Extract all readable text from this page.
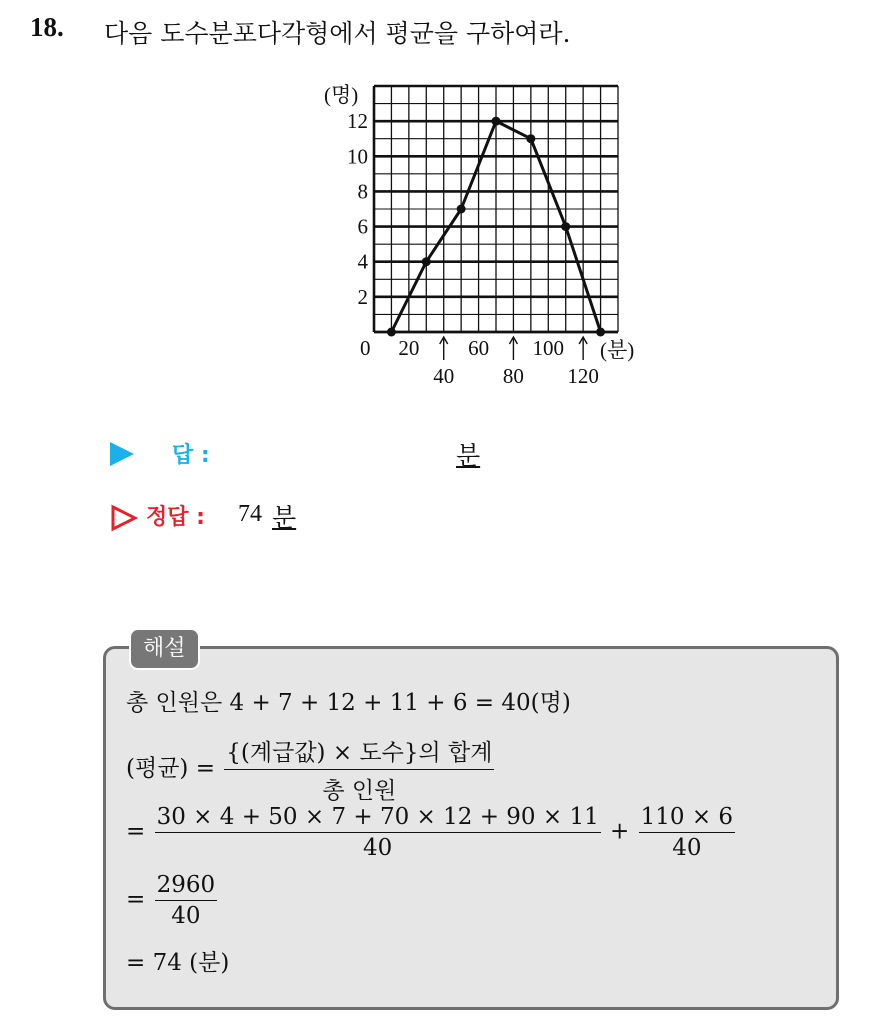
18. 다음 도수분포다각형에서 평균을 구하여라.
2
4
6
8
10
12
20 60 100
40 80 120
(명)
(분)
0
답 :	분
정답 : 74 분
해설
총 인원은 4 + 7 + 12 + 11 + 6 = 40(명)
(평균) = $\frac{\text{\{(계급값) × 도수\}의 합계}}{\text{총 인원}}$
= $\frac{30 \times 4 + 50 \times 7 + 70 \times 12 + 90 \times 11}{40} + \frac{110 \times 6}{40}$
= $\frac{2960}{40}$
= 74 (분)
